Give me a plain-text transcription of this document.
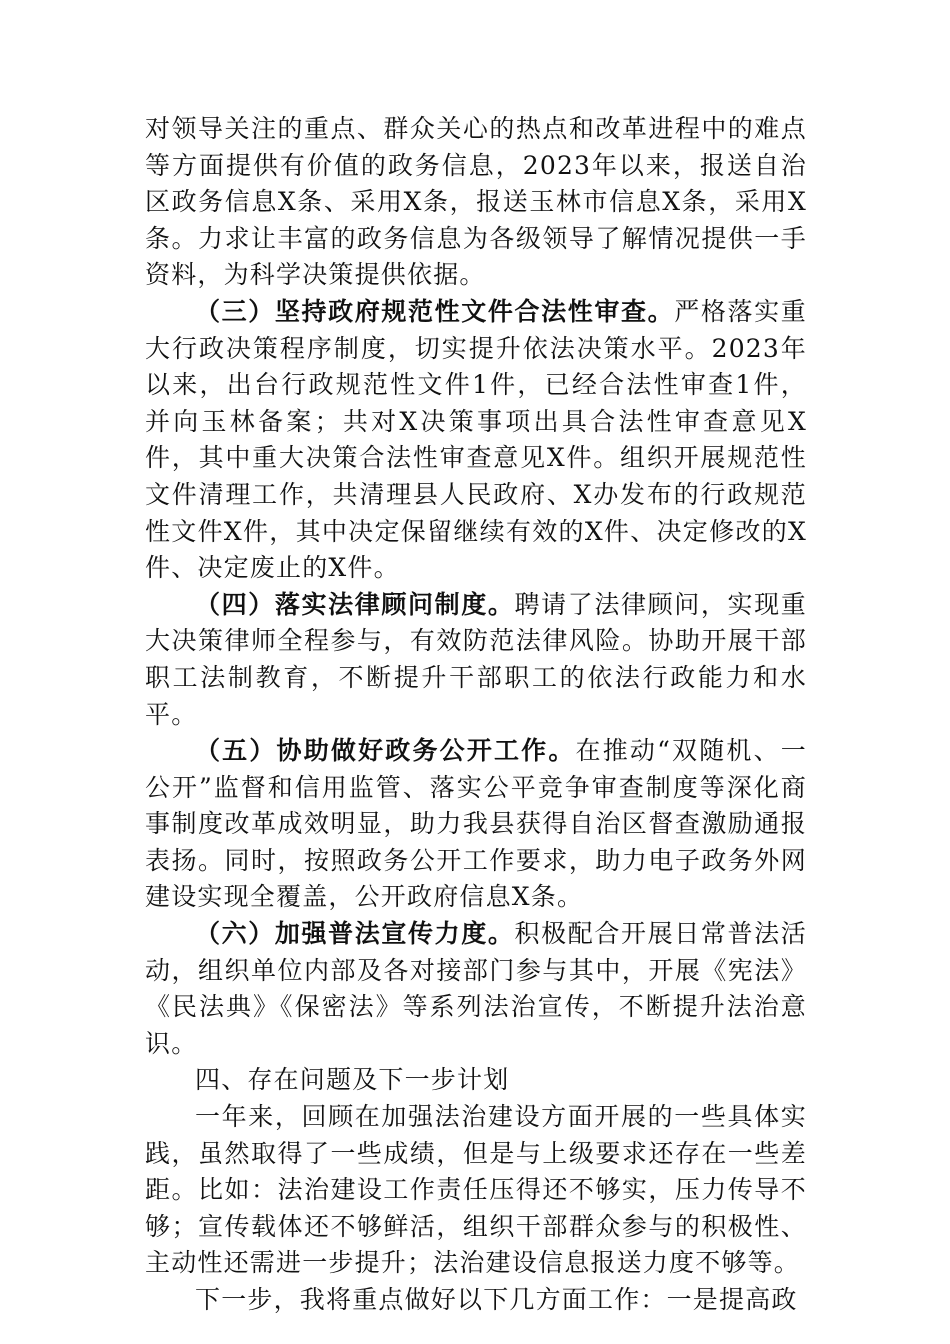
对领导关注的重点、群众关心的热点和改革进程中的难点等方面提供有价值的政务信息，2023年以来，报送自治区政务信息X条、采用X条，报送玉林市信息X条，采用X条。力求让丰富的政务信息为各级领导了解情况提供一手资料，为科学决策提供依据。

（三）坚持政府规范性文件合法性审查。严格落实重大行政决策程序制度，切实提升依法决策水平。2023年以来，出台行政规范性文件1件，已经合法性审查1件，并向玉林备案；共对X决策事项出具合法性审查意见X件，其中重大决策合法性审查意见X件。组织开展规范性文件清理工作，共清理县人民政府、X办发布的行政规范性文件X件，其中决定保留继续有效的X件、决定修改的X件、决定废止的X件。

（四）落实法律顾问制度。聘请了法律顾问，实现重大决策律师全程参与，有效防范法律风险。协助开展干部职工法制教育，不断提升干部职工的依法行政能力和水平。

（五）协助做好政务公开工作。在推动“双随机、一公开”监督和信用监管、落实公平竞争审查制度等深化商事制度改革成效明显，助力我县获得自治区督查激励通报表扬。同时，按照政务公开工作要求，助力电子政务外网建设实现全覆盖，公开政府信息X条。

（六）加强普法宣传力度。积极配合开展日常普法活动，组织单位内部及各对接部门参与其中，开展《宪法》《民法典》《保密法》等系列法治宣传，不断提升法治意识。

四、存在问题及下一步计划

一年来，回顾在加强法治建设方面开展的一些具体实践，虽然取得了一些成绩，但是与上级要求还存在一些差距。比如：法治建设工作责任压得还不够实，压力传导不够；宣传载体还不够鲜活，组织干部群众参与的积极性、主动性还需进一步提升；法治建设信息报送力度不够等。

下一步，我将重点做好以下几方面工作：一是提高政
